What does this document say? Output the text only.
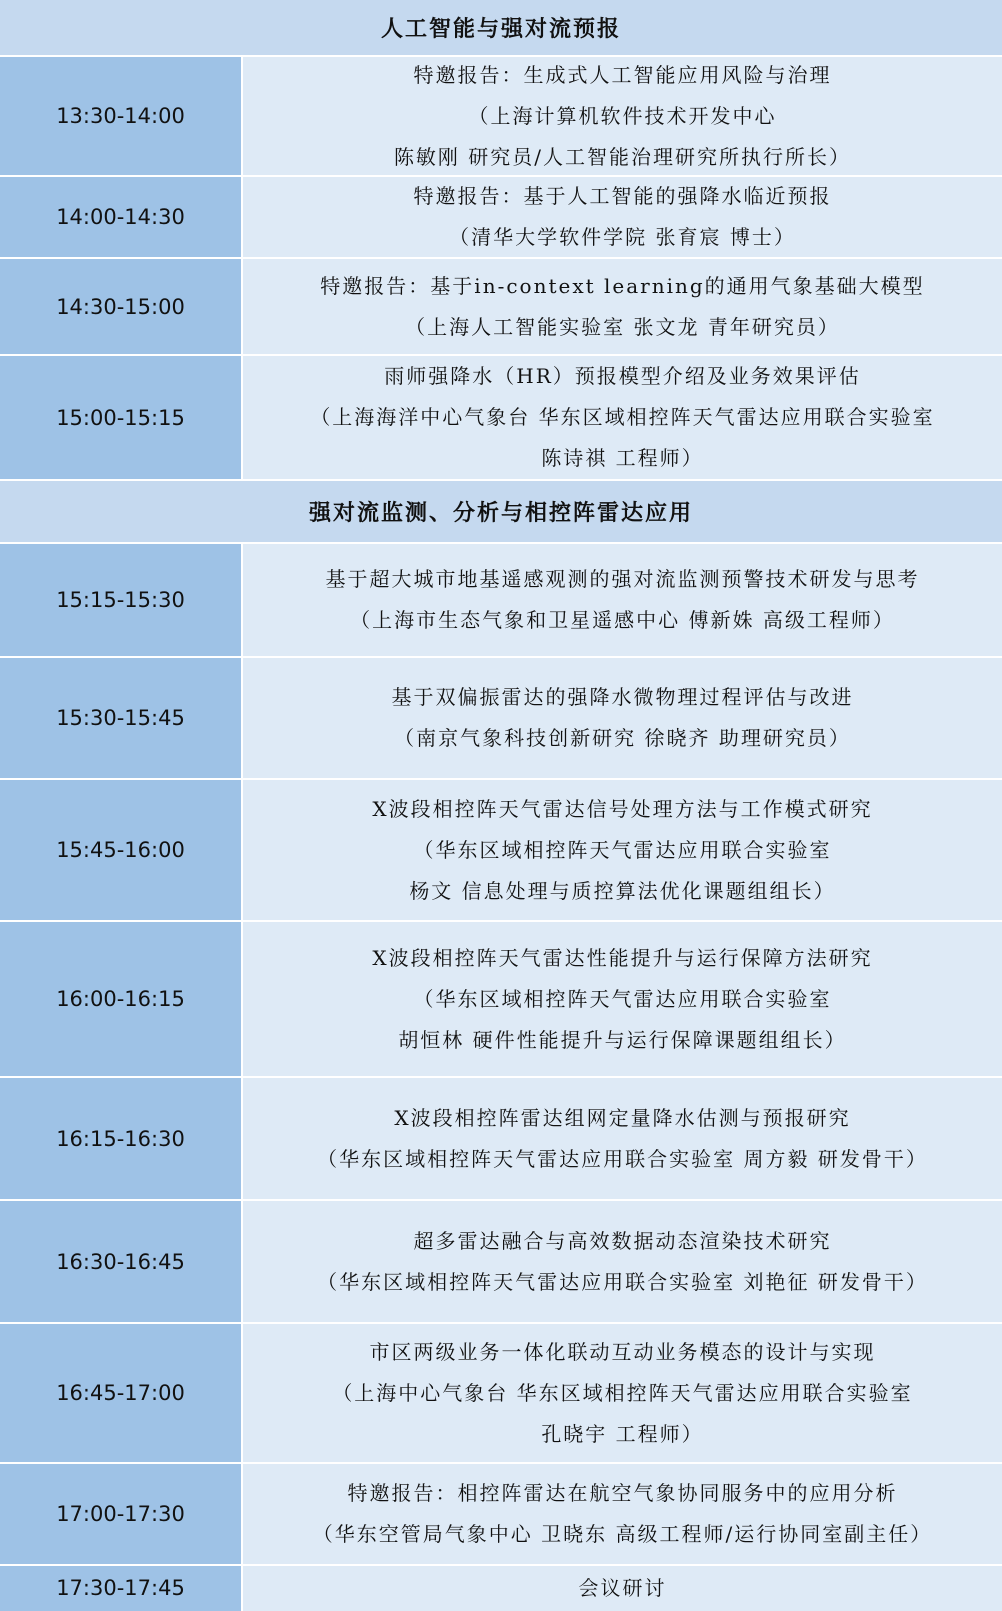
人工智能与强对流预报
13:30-14:00
特邀报告：生成式人工智能应用风险与治理
（上海计算机软件技术开发中心
陈敏刚 研究员/人工智能治理研究所执行所长）
14:00-14:30
特邀报告：基于人工智能的强降水临近预报
（清华大学软件学院 张育宸 博士）
14:30-15:00
特邀报告：基于in-context learning的通用气象基础大模型
（上海人工智能实验室 张文龙 青年研究员）
15:00-15:15
雨师强降水（HR）预报模型介绍及业务效果评估
（上海海洋中心气象台 华东区域相控阵天气雷达应用联合实验室
陈诗祺 工程师）
强对流监测、分析与相控阵雷达应用
15:15-15:30
基于超大城市地基遥感观测的强对流监测预警技术研发与思考
（上海市生态气象和卫星遥感中心 傅新姝 高级工程师）
15:30-15:45
基于双偏振雷达的强降水微物理过程评估与改进
（南京气象科技创新研究 徐晓齐 助理研究员）
15:45-16:00
X波段相控阵天气雷达信号处理方法与工作模式研究
（华东区域相控阵天气雷达应用联合实验室
杨文 信息处理与质控算法优化课题组组长）
16:00-16:15
X波段相控阵天气雷达性能提升与运行保障方法研究
（华东区域相控阵天气雷达应用联合实验室
胡恒林 硬件性能提升与运行保障课题组组长）
16:15-16:30
X波段相控阵雷达组网定量降水估测与预报研究
（华东区域相控阵天气雷达应用联合实验室 周方毅 研发骨干）
16:30-16:45
超多雷达融合与高效数据动态渲染技术研究
（华东区域相控阵天气雷达应用联合实验室 刘艳征 研发骨干）
16:45-17:00
市区两级业务一体化联动互动业务模态的设计与实现
（上海中心气象台 华东区域相控阵天气雷达应用联合实验室
孔晓宇 工程师）
17:00-17:30
特邀报告：相控阵雷达在航空气象协同服务中的应用分析
（华东空管局气象中心 卫晓东 高级工程师/运行协同室副主任）
17:30-17:45	会议研讨
